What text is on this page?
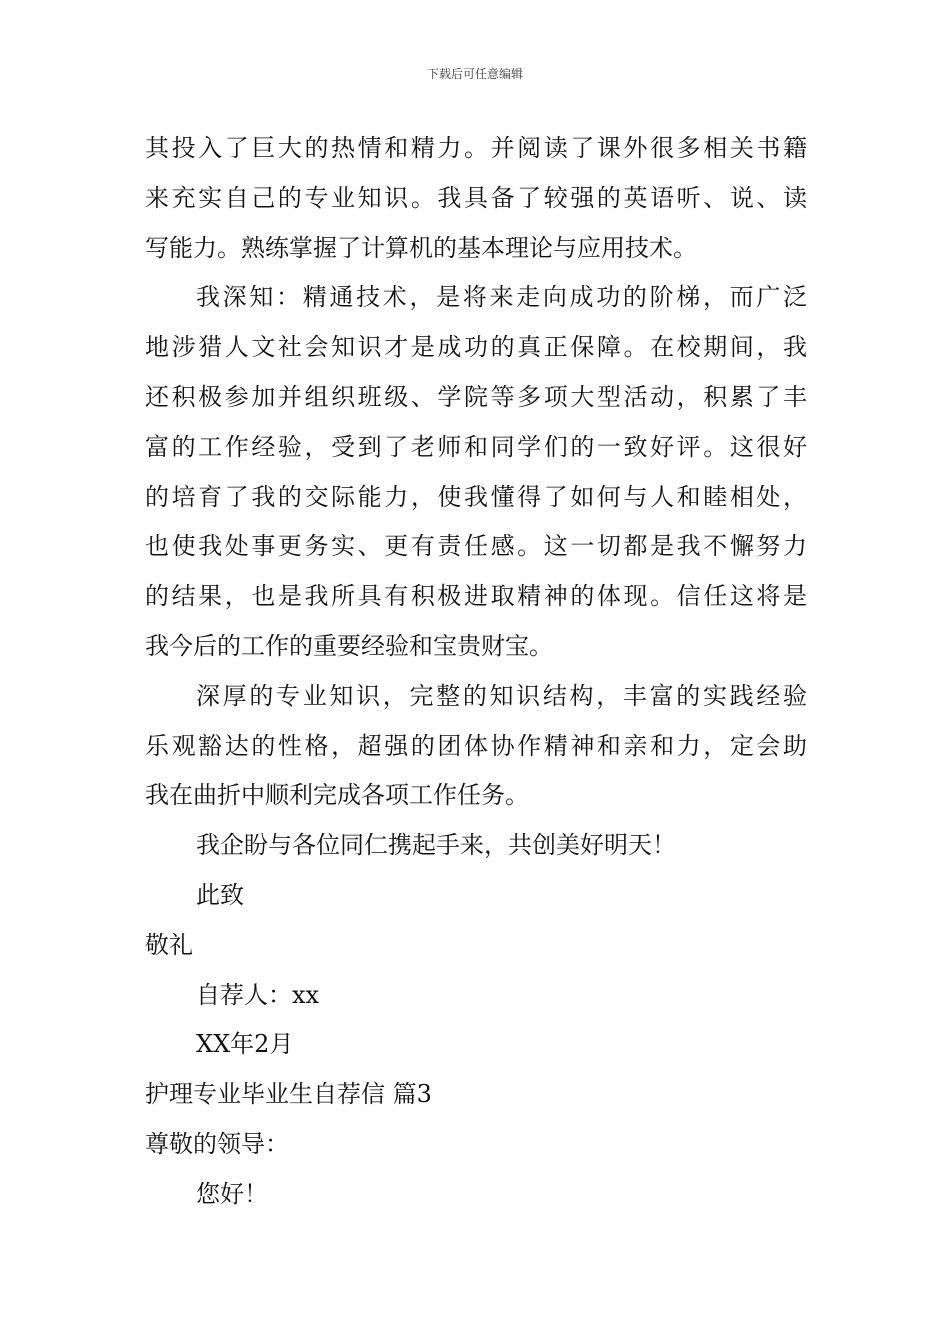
下载后可任意编辑
其投入了巨大的热情和精力。并阅读了课外很多相关书籍
来充实自己的专业知识。我具备了较强的英语听、说、读
写能力。熟练掌握了计算机的基本理论与应用技术。
我深知：精通技术，是将来走向成功的阶梯，而广泛
地涉猎人文社会知识才是成功的真正保障。在校期间，我
还积极参加并组织班级、学院等多项大型活动，积累了丰
富的工作经验，受到了老师和同学们的一致好评。这很好
的培育了我的交际能力，使我懂得了如何与人和睦相处，
也使我处事更务实、更有责任感。这一切都是我不懈努力
的结果，也是我所具有积极进取精神的体现。信任这将是
我今后的工作的重要经验和宝贵财宝。
深厚的专业知识，完整的知识结构，丰富的实践经验
乐观豁达的性格，超强的团体协作精神和亲和力，定会助
我在曲折中顺利完成各项工作任务。
我企盼与各位同仁携起手来，共创美好明天！
此致
敬礼
自荐人：xx
XX年2月
护理专业毕业生自荐信 篇3
尊敬的领导：
您好！
